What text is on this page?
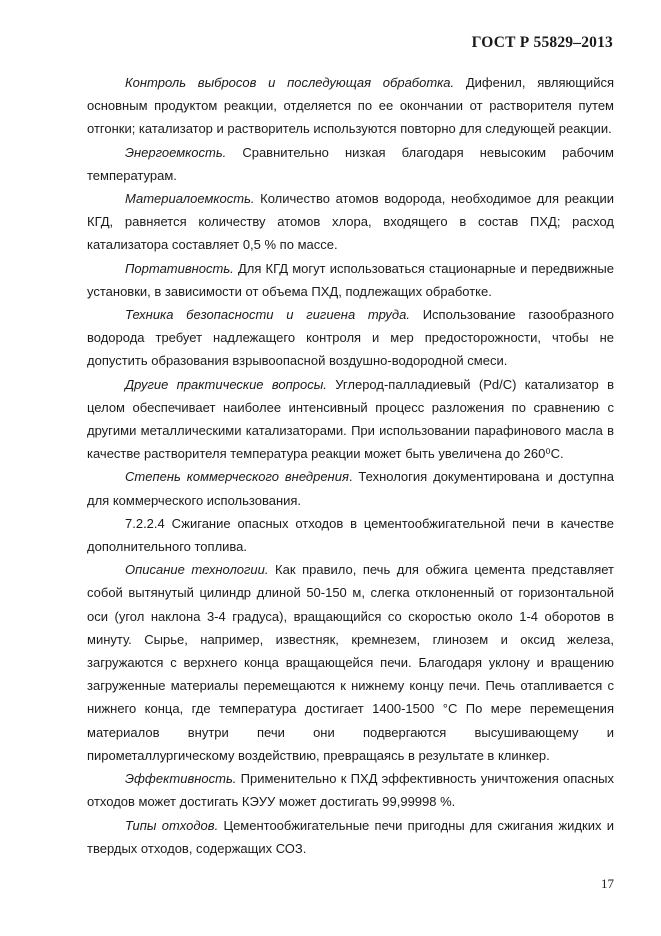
ГОСТ Р 55829–2013

Контроль выбросов и последующая обработка. Дифенил, являющийся основным продуктом реакции, отделяется по ее окончании от растворителя путем отгонки; катализатор и растворитель используются повторно для следующей реакции.

Энергоемкость. Сравнительно низкая благодаря невысоким рабочим температурам.

Материалоемкость. Количество атомов водорода, необходимое для реакции КГД, равняется количеству атомов хлора, входящего в состав ПХД; расход катализатора составляет 0,5 % по массе.

Портативность. Для КГД могут использоваться стационарные и передвижные установки, в зависимости от объема ПХД, подлежащих обработке.

Техника безопасности и гигиена труда. Использование газообразного водорода требует надлежащего контроля и мер предосторожности, чтобы не допустить образования взрывоопасной воздушно-водородной смеси.

Другие практические вопросы. Углерод-палладиевый (Pd/C) катализатор в целом обеспечивает наиболее интенсивный процесс разложения по сравнению с другими металлическими катализаторами. При использовании парафинового масла в качестве растворителя температура реакции может быть увеличена до 260⁰С.

Степень коммерческого внедрения. Технология документирована и доступна для коммерческого использования.

7.2.2.4 Сжигание опасных отходов в цементообжигательной печи в качестве дополнительного топлива.

Описание технологии. Как правило, печь для обжига цемента представляет собой вытянутый цилиндр длиной 50-150 м, слегка отклоненный от горизонтальной оси (угол наклона 3-4 градуса), вращающийся со скоростью около 1-4 оборотов в минуту. Сырье, например, известняк, кремнезем, глинозем и оксид железа, загружаются с верхнего конца вращающейся печи. Благодаря уклону и вращению загруженные материалы перемещаются к нижнему концу печи. Печь отапливается с нижнего конца, где температура достигает 1400-1500 °С По мере перемещения материалов внутри печи они подвергаются высушивающему и пирометаллургическому воздействию, превращаясь в результате в клинкер.

Эффективность. Применительно к ПХД эффективность уничтожения опасных отходов может достигать КЭУУ может достигать 99,99998 %.

Типы отходов. Цементообжигательные печи пригодны для сжигания жидких и твердых отходов, содержащих СОЗ.

17
